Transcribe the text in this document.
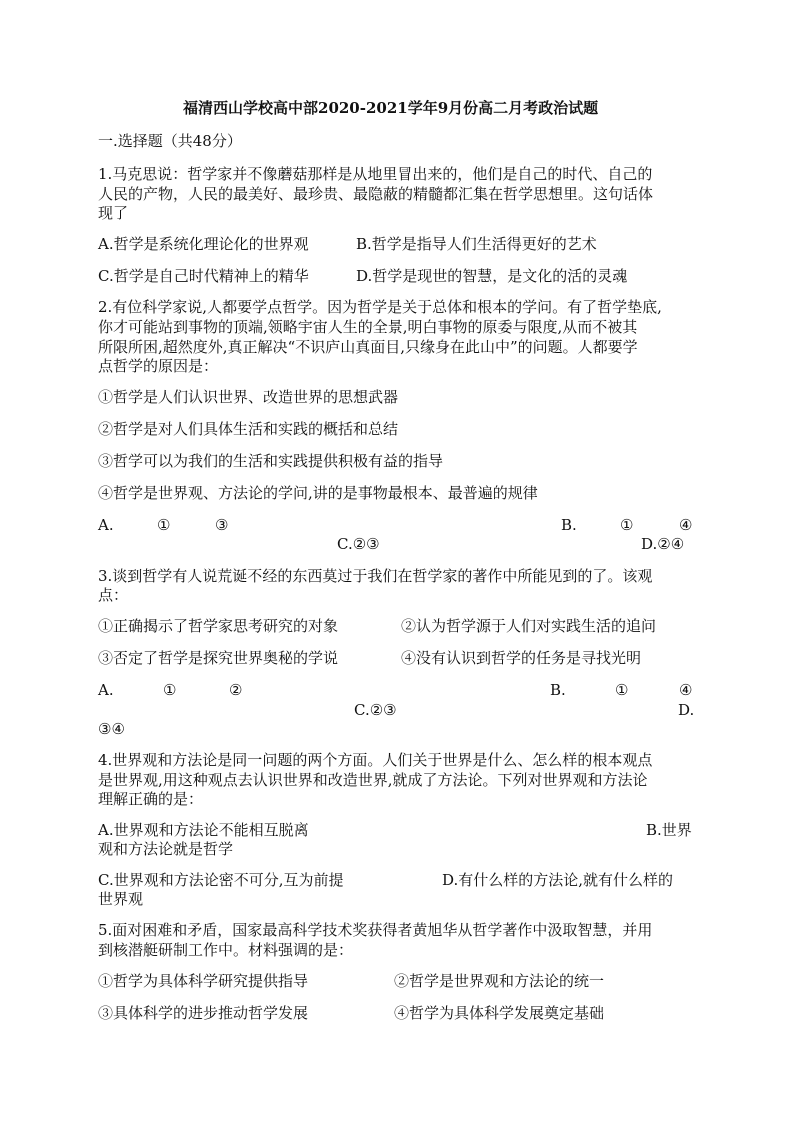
福清西山学校高中部2020-2021学年9月份高二月考政治试题
一.选择题（共48分）
1.马克思说：哲学家并不像蘑菇那样是从地里冒出来的，他们是自己的时代、自己的
人民的产物，人民的最美好、最珍贵、最隐蔽的精髓都汇集在哲学思想里。这句话体
现了
A.哲学是系统化理论化的世界观	B.哲学是指导人们生活得更好的艺术
C.哲学是自己时代精神上的精华	D.哲学是现世的智慧，是文化的活的灵魂
2.有位科学家说,人都要学点哲学。因为哲学是关于总体和根本的学问。有了哲学垫底,
你才可能站到事物的顶端,领略宇宙人生的全景,明白事物的原委与限度,从而不被其
所限所困,超然度外,真正解决“不识庐山真面目,只缘身在此山中”的问题。人都要学
点哲学的原因是：
①哲学是人们认识世界、改造世界的思想武器
②哲学是对人们具体生活和实践的概括和总结
③哲学可以为我们的生活和实践提供积极有益的指导
④哲学是世界观、方法论的学问,讲的是事物最根本、最普遍的规律
A.	①	③	B.	①	④
C.②③	D.②④
3.谈到哲学有人说荒诞不经的东西莫过于我们在哲学家的著作中所能见到的了。该观
点：
①正确揭示了哲学家思考研究的对象	②认为哲学源于人们对实践生活的追问
③否定了哲学是探究世界奥秘的学说	④没有认识到哲学的任务是寻找光明
A.	①	②	B.	①	④
C.②③	D.
③④
4.世界观和方法论是同一问题的两个方面。人们关于世界是什么、怎么样的根本观点
是世界观,用这种观点去认识世界和改造世界,就成了方法论。下列对世界观和方法论
理解正确的是：
A.世界观和方法论不能相互脱离	B.世界
观和方法论就是哲学
C.世界观和方法论密不可分,互为前提	D.有什么样的方法论,就有什么样的
世界观
5.面对困难和矛盾，国家最高科学技术奖获得者黄旭华从哲学著作中汲取智慧，并用
到核潜艇研制工作中。材料强调的是：
①哲学为具体科学研究提供指导	②哲学是世界观和方法论的统一
③具体科学的进步推动哲学发展	④哲学为具体科学发展奠定基础
